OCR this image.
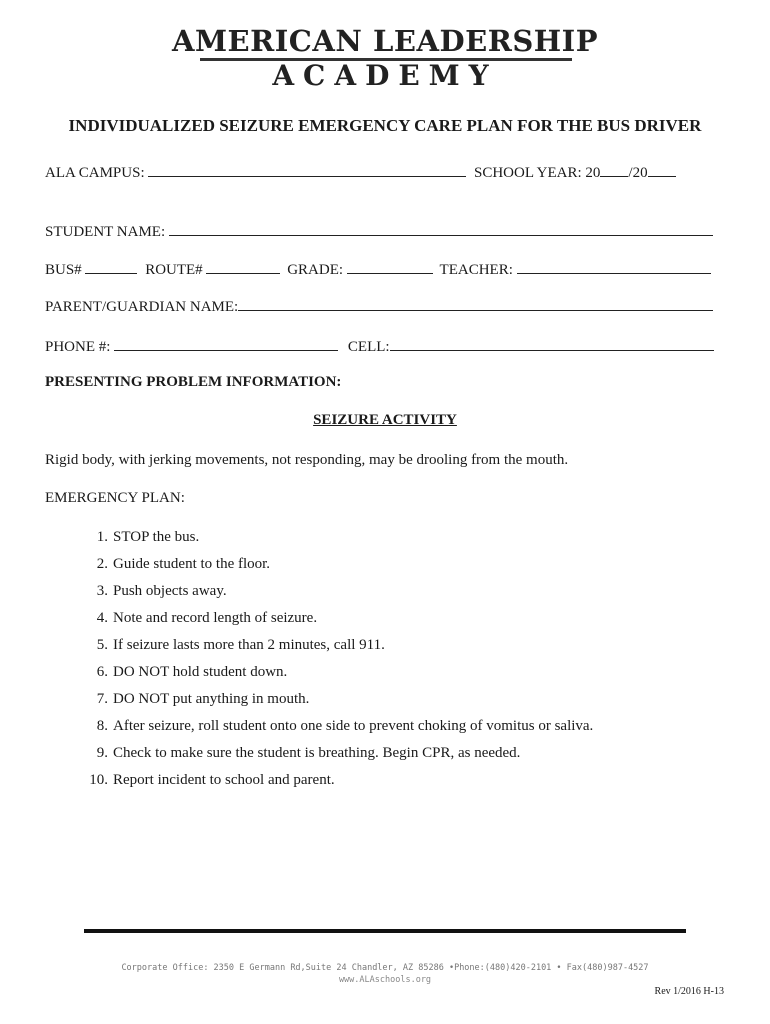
AMERICAN LEADERSHIP
ACADEMY
INDIVIDUALIZED SEIZURE EMERGENCY CARE PLAN FOR THE BUS DRIVER
ALA CAMPUS:	SCHOOL YEAR: 20 /20
STUDENT NAME:
BUS#	ROUTE#	GRADE:	TEACHER:
PARENT/GUARDIAN NAME:
PHONE #:	CELL:
PRESENTING PROBLEM INFORMATION:
SEIZURE ACTIVITY
Rigid body, with jerking movements, not responding, may be drooling from the mouth.
EMERGENCY PLAN:
1. STOP the bus.
2. Guide student to the floor.
3. Push objects away.
4. Note and record length of seizure.
5. If seizure lasts more than 2 minutes, call 911.
6. DO NOT hold student down.
7. DO NOT put anything in mouth.
8. After seizure, roll student onto one side to prevent choking of vomitus or saliva.
9. Check to make sure the student is breathing. Begin CPR, as needed.
10. Report incident to school and parent.
Corporate Office: 2350 E Germann Rd,Suite 24 Chandler, AZ 85286 •Phone:(480)420-2101 • Fax(480)987-4527
www.ALAschools.org
Rev 1/2016 H-13
